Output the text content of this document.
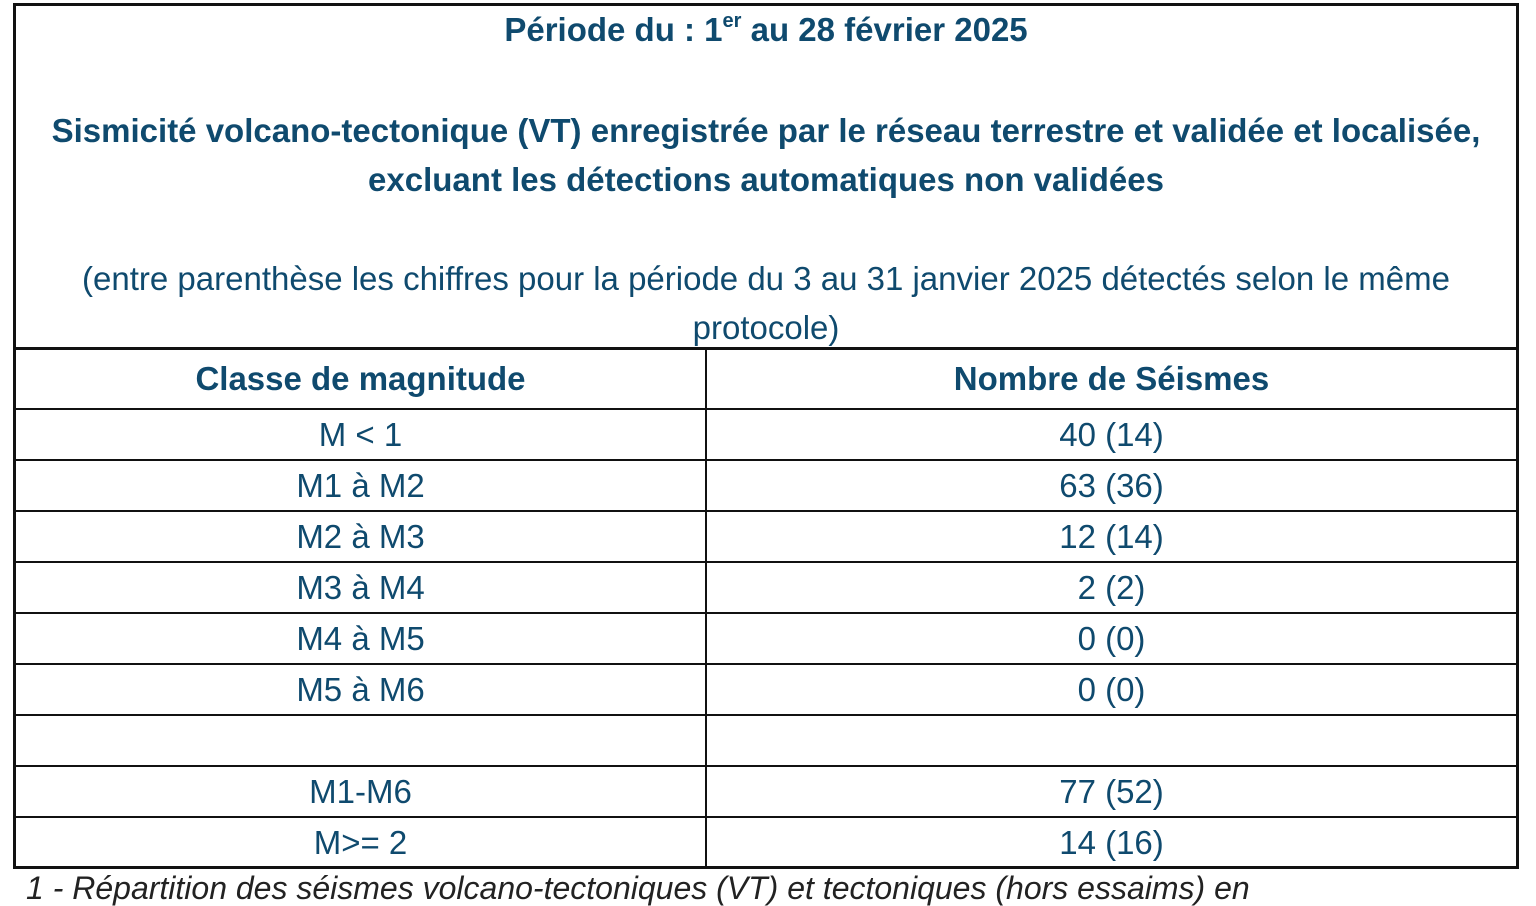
Période du : 1er au 28 février 2025
Sismicité volcano-tectonique (VT) enregistrée par le réseau terrestre et validée et localisée, excluant les détections automatiques non validées
(entre parenthèse les chiffres pour la période du 3 au 31 janvier 2025 détectés selon le même protocole)
Classe de magnitude	Nombre de Séismes
M < 1	40 (14)
M1 à M2	63 (36)
M2 à M3	12 (14)
M3 à M4	2 (2)
M4 à M5	0 (0)
M5 à M6	0 (0)

M1-M6	77 (52)
M>= 2	14 (16)
1 - Répartition des séismes volcano-tectoniques (VT) et tectoniques (hors essaims) en
